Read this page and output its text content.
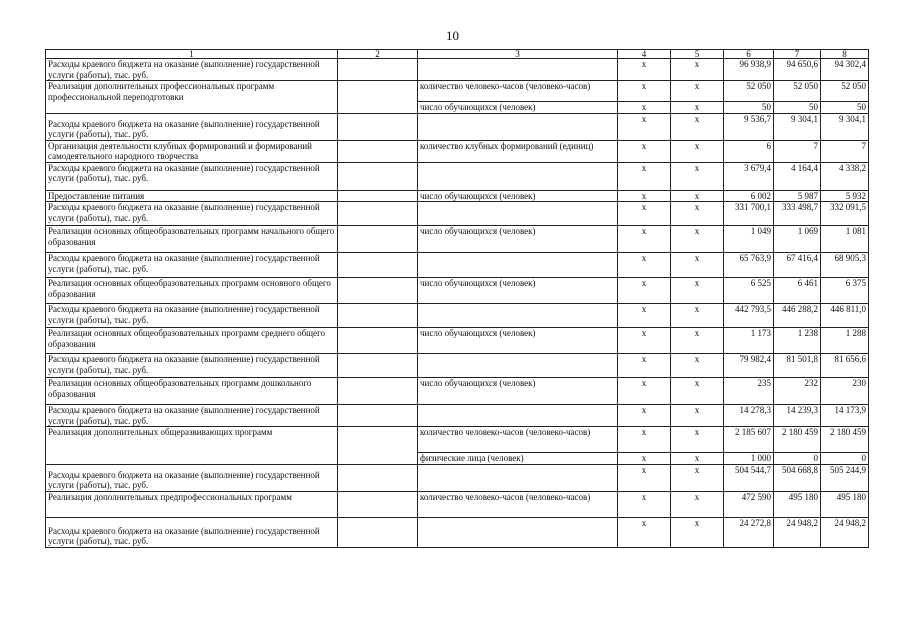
10
1	2	3	4	5	6	7	8
Расходы краевого бюджета на оказание (выполнение) государственной услуги (работы), тыс. руб.			x	x	96 938,9	94 650,6	94 302,4
Реализация дополнительных профессиональных программ профессиональной переподготовки		количество человеко-часов (человеко-часов)	x	x	52 050	52 050	52 050
		число обучающихся (человек)	x	x	50	50	50
Расходы краевого бюджета на оказание (выполнение) государственной услуги (работы), тыс. руб.			x	x	9 536,7	9 304,1	9 304,1
Организация деятельности клубных формирований и формирований самодеятельного народного творчества		количество клубных формирований (единиц)	x	x	6	7	7
Расходы краевого бюджета на оказание (выполнение) государственной услуги (работы), тыс. руб.			x	x	3 679,4	4 164,4	4 338,2
Предоставление питания		число обучающихся (человек)	x	x	6 002	5 987	5 932
Расходы краевого бюджета на оказание (выполнение) государственной услуги (работы), тыс. руб.			x	x	331 700,1	333 498,7	332 091,5
Реализация основных общеобразовательных программ начального общего образования		число обучающихся (человек)	x	x	1 049	1 069	1 081
Расходы краевого бюджета на оказание (выполнение) государственной услуги (работы), тыс. руб.			x	x	65 763,9	67 416,4	68 905,3
Реализация основных общеобразовательных программ основного общего образования		число обучающихся (человек)	x	x	6 525	6 461	6 375
Расходы краевого бюджета на оказание (выполнение) государственной услуги (работы), тыс. руб.			x	x	442 793,5	446 288,2	446 811,0
Реализация основных общеобразовательных программ среднего общего образования		число обучающихся (человек)	x	x	1 173	1 238	1 288
Расходы краевого бюджета на оказание (выполнение) государственной услуги (работы), тыс. руб.			x	x	79 982,4	81 501,8	81 656,6
Реализация основных общеобразовательных программ дошкольного образования		число обучающихся (человек)	x	x	235	232	230
Расходы краевого бюджета на оказание (выполнение) государственной услуги (работы), тыс. руб.			x	x	14 278,3	14 239,3	14 173,9
Реализация дополнительных общеразвивающих программ		количество человеко-часов (человеко-часов)	x	x	2 185 607	2 180 459	2 180 459
		физические лица (человек)	x	x	1 000	0	0
Расходы краевого бюджета на оказание (выполнение) государственной услуги (работы), тыс. руб.			x	x	504 544,7	504 668,8	505 244,9
Реализация дополнительных предпрофессиональных программ		количество человеко-часов (человеко-часов)	x	x	472 590	495 180	495 180
Расходы краевого бюджета на оказание (выполнение) государственной услуги (работы), тыс. руб.			x	x	24 272,8	24 948,2	24 948,2
